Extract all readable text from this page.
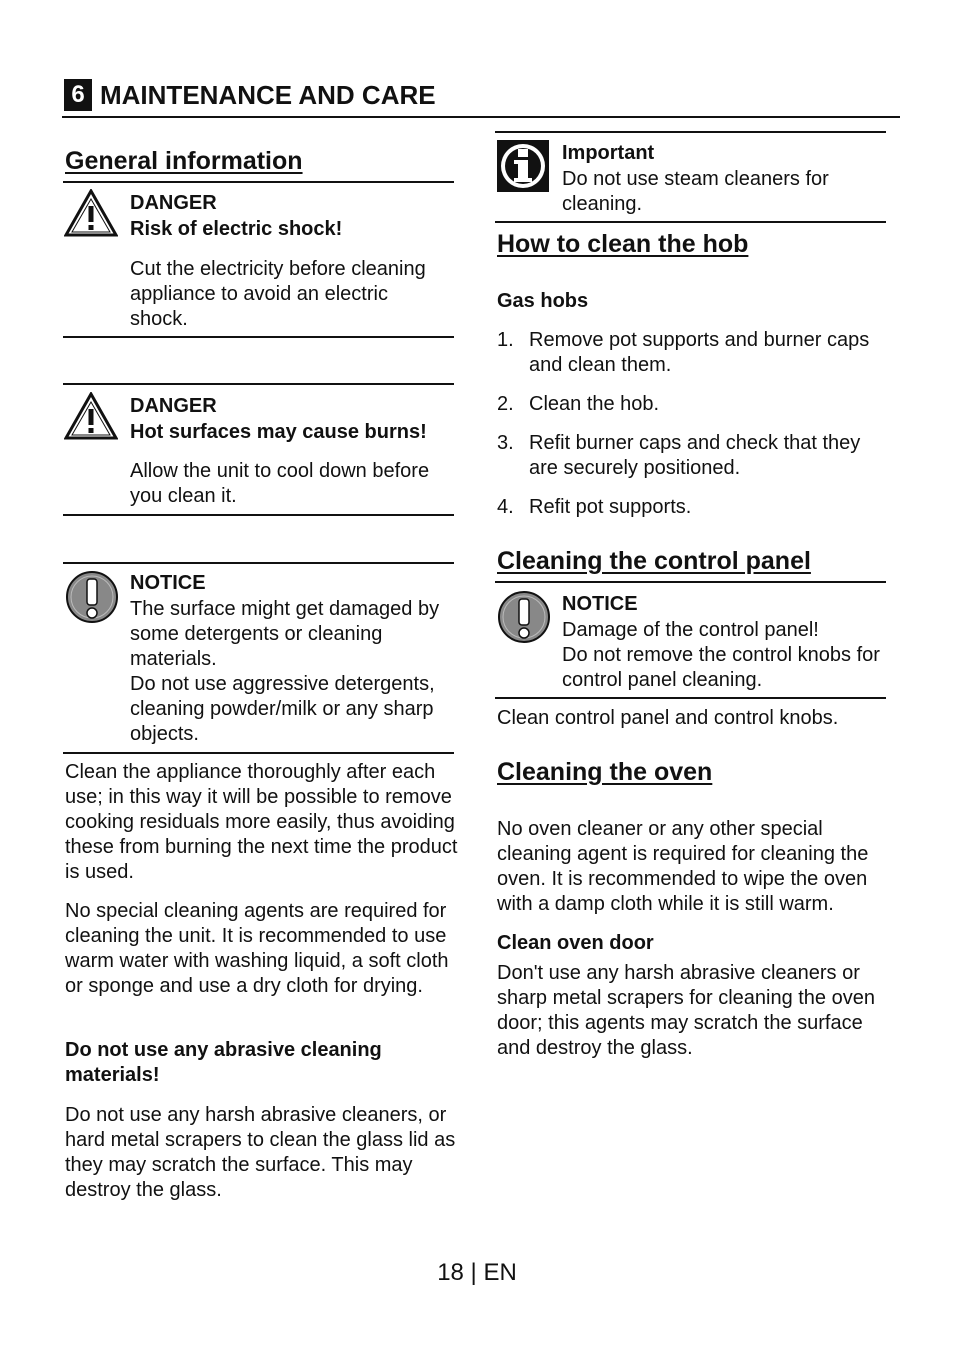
6 MAINTENANCE AND CARE
General information
DANGER
Risk of electric shock!
Cut the electricity before cleaning appliance to avoid an electric shock.
DANGER
Hot surfaces may cause burns!
Allow the unit to cool down before you clean it.
NOTICE
The surface might get damaged by some detergents or cleaning materials.
Do not use aggressive detergents, cleaning powder/milk or any sharp objects.
Clean the appliance thoroughly after each use; in this way it will be possible to remove cooking residuals more easily, thus avoiding these from burning the next time the product is used.
No special cleaning agents are required for cleaning the unit. It is recommended to use warm water with washing liquid, a soft cloth or sponge and use a dry cloth for drying.
Do not use any abrasive cleaning materials!
Do not use any harsh abrasive cleaners, or hard metal scrapers to clean the glass lid as they may scratch the surface. This may destroy the glass.
Important
Do not use steam cleaners for cleaning.
How to clean the hob
Gas hobs
1. Remove pot supports and burner caps and clean them.
2. Clean the hob.
3. Refit burner caps and check that they are securely positioned.
4. Refit pot supports.
Cleaning the control panel
NOTICE
Damage of the control panel!
Do not remove the control knobs for control panel cleaning.
Clean control panel and control knobs.
Cleaning the oven
No oven cleaner or any other special cleaning agent is required for cleaning the oven. It is recommended to wipe the oven with a damp cloth while it is still warm.
Clean oven door
Don't use any harsh abrasive cleaners or sharp metal scrapers for cleaning the oven door; this agents may scratch the surface and destroy the glass.
18 | EN
